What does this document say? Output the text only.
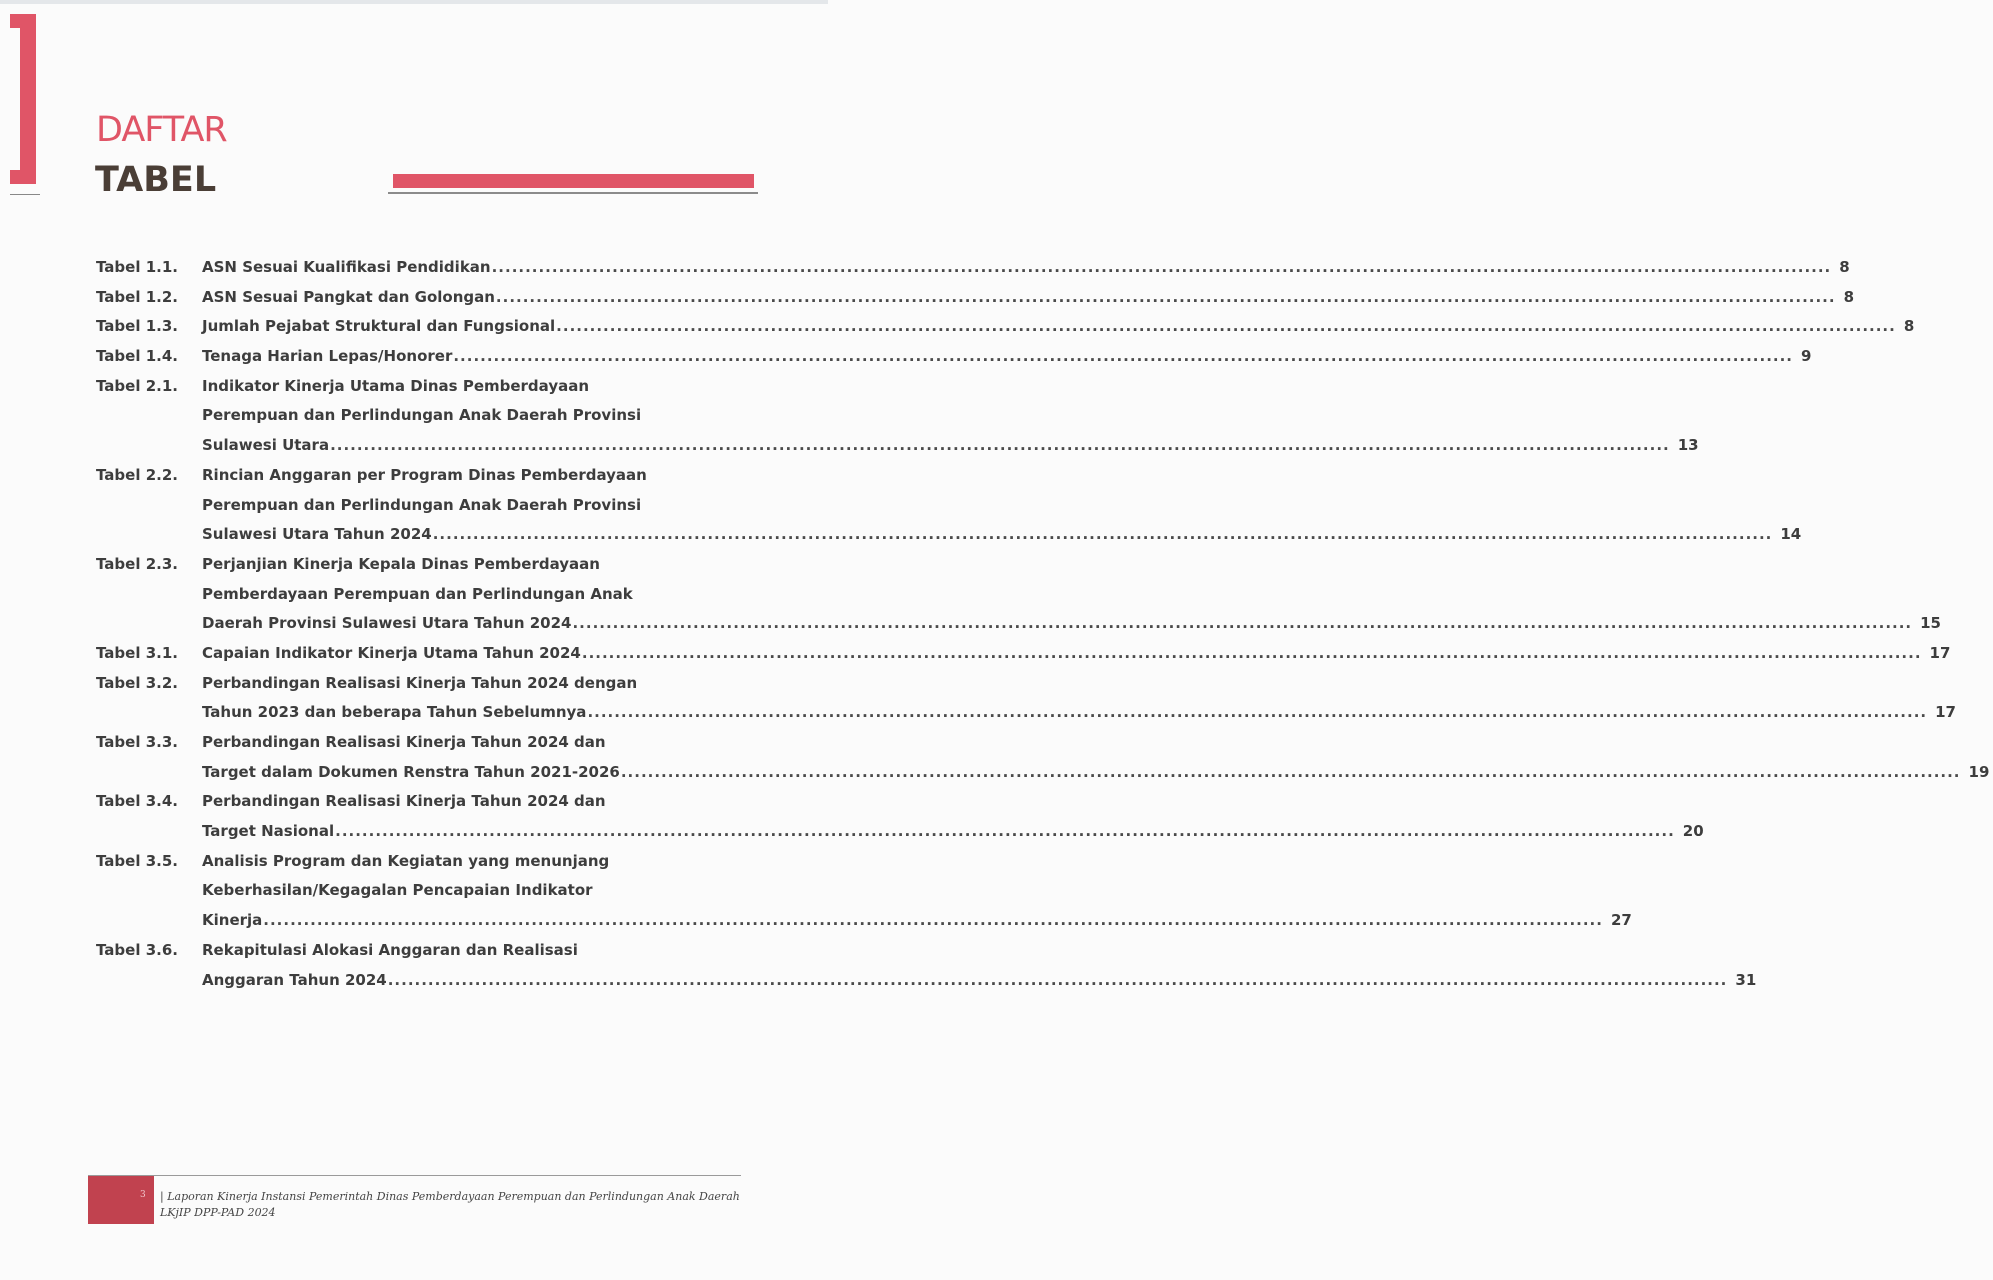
DAFTAR
TABEL
Tabel 1.1.	ASN Sesuai Kualifikasi Pendidikan ........................................................................................................................................................................................................ 8
Tabel 1.2.	ASN Sesuai Pangkat dan Golongan ........................................................................................................................................................................................................ 8
Tabel 1.3.	Jumlah Pejabat Struktural dan Fungsional ........................................................................................................................................................................................................ 8
Tabel 1.4.	Tenaga Harian Lepas/Honorer ........................................................................................................................................................................................................ 9
Tabel 2.1.	Indikator Kinerja Utama Dinas Pemberdayaan
Perempuan dan Perlindungan Anak Daerah Provinsi
Sulawesi Utara ........................................................................................................................................................................................................ 13
Tabel 2.2.	Rincian Anggaran per Program Dinas Pemberdayaan
Perempuan dan Perlindungan Anak Daerah Provinsi
Sulawesi Utara Tahun 2024 ........................................................................................................................................................................................................ 14
Tabel 2.3.	Perjanjian Kinerja Kepala Dinas Pemberdayaan
Pemberdayaan Perempuan dan Perlindungan Anak
Daerah Provinsi Sulawesi Utara Tahun 2024 ........................................................................................................................................................................................................ 15
Tabel 3.1.	Capaian Indikator Kinerja Utama Tahun 2024 ........................................................................................................................................................................................................ 17
Tabel 3.2.	Perbandingan Realisasi Kinerja Tahun 2024 dengan
Tahun 2023 dan beberapa Tahun Sebelumnya ........................................................................................................................................................................................................ 17
Tabel 3.3.	Perbandingan Realisasi Kinerja Tahun 2024 dan
Target dalam Dokumen Renstra Tahun 2021-2026 ........................................................................................................................................................................................................ 19
Tabel 3.4.	Perbandingan Realisasi Kinerja Tahun 2024 dan
Target Nasional ........................................................................................................................................................................................................ 20
Tabel 3.5.	Analisis Program dan Kegiatan yang menunjang
Keberhasilan/Kegagalan Pencapaian Indikator
Kinerja ........................................................................................................................................................................................................ 27
Tabel 3.6.	Rekapitulasi Alokasi Anggaran dan Realisasi
Anggaran Tahun 2024 ........................................................................................................................................................................................................ 31
3 | Laporan Kinerja Instansi Pemerintah Dinas Pemberdayaan Perempuan dan Perlindungan Anak Daerah
LKjIP DPP-PAD 2024
